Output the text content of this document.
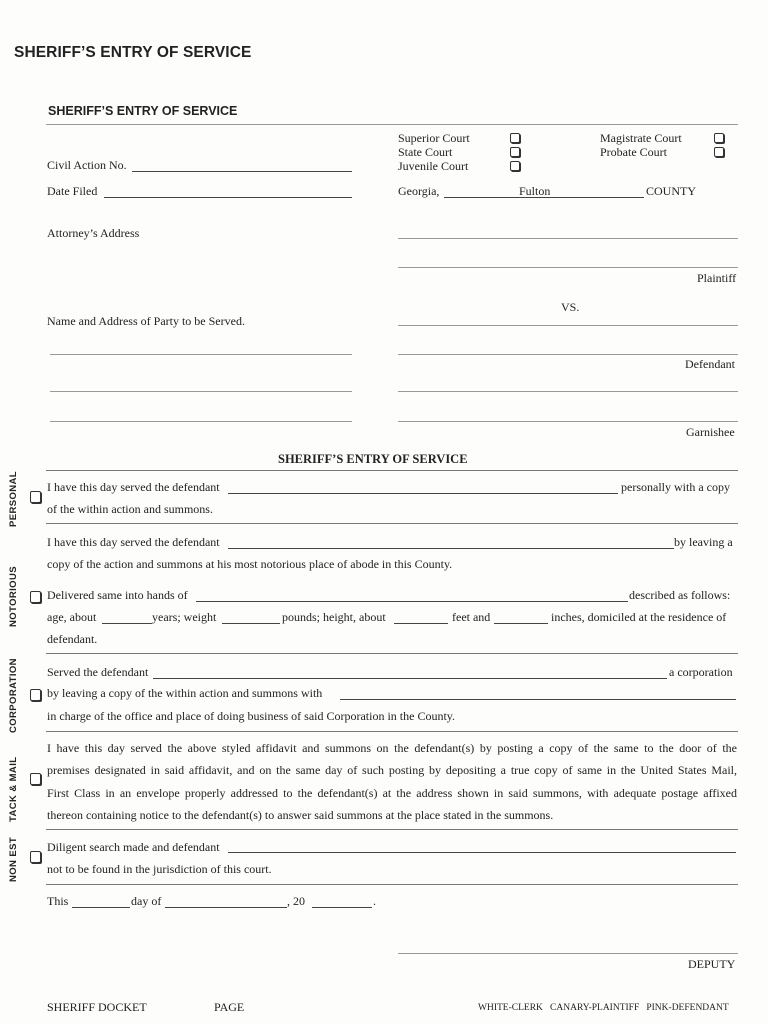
SHERIFF’S ENTRY OF SERVICE
SHERIFF’S ENTRY OF SERVICE
Superior Court
State Court
Juvenile Court
Magistrate Court
Probate Court
Civil Action No.
Date Filed	Georgia,	Fulton	COUNTY
Attorney’s Address
Plaintiff
VS.
Name and Address of Party to be Served.
Defendant
Garnishee
SHERIFF’S ENTRY OF SERVICE
PERSONAL I have this day served the defendant	personally with a copy
of the within action and summons.
NOTORIOUS
I have this day served the defendant	by leaving a
copy of the action and summons at his most notorious place of abode in this County.
Delivered same into hands of	described as follows:
age, about	years; weight	pounds; height, about	feet and	inches, domiciled at the residence of
defendant.
CORPORATION Served the defendant	a corporation
by leaving a copy of the within action and summons with
in charge of the office and place of doing business of said Corporation in the County.
TACK & MAIL
I have this day served the above styled affidavit and summons on the defendant(s) by posting a copy of the same to the door of the
premises designated in said affidavit, and on the same day of such posting by depositing a true copy of same in the United States Mail,
First Class in an envelope properly addressed to the defendant(s) at the address shown in said summons, with adequate postage affixed
thereon containing notice to the defendant(s) to answer said summons at the place stated in the summons.
NON EST Diligent search made and defendant
not to be found in the jurisdiction of this court.
This	day of	, 20	.
DEPUTY
SHERIFF DOCKET	PAGE	WHITE-CLERK   CANARY-PLAINTIFF   PINK-DEFENDANT
